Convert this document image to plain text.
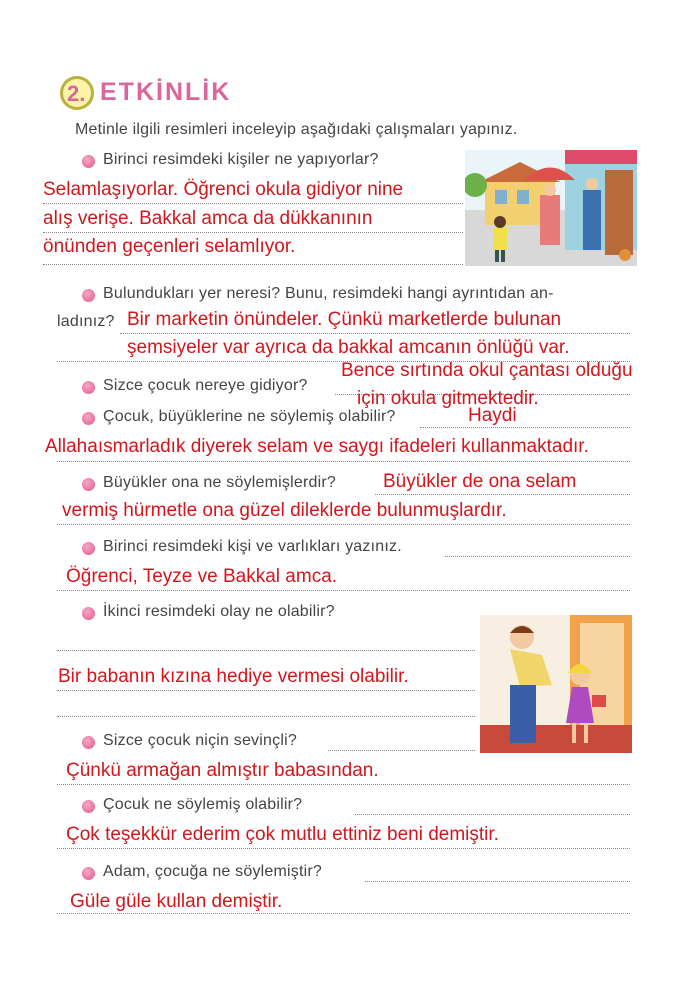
2. ETKİNLİK
Metinle ilgili resimleri inceleyip aşağıdaki çalışmaları yapınız.
Birinci resimdeki kişiler ne yapıyorlar?
Selamlaşıyorlar. Öğrenci okula gidiyor nine
alış verişe. Bakkal amca da dükkanının
önünden geçenleri selamlıyor.
Bulundukları yer neresi? Bunu, resimdeki hangi ayrıntıdan an-
ladınız? Bir marketin önündeler. Çünkü marketlerde bulunan
şemsiyeler var ayrıca da bakkal amcanın önlüğü var.
Sizce çocuk nereye gidiyor?
Bence sırtında okul çantası olduğu
için okula gitmektedir.
Çocuk, büyüklerine ne söylemiş olabilir?	Haydi
Allahaısmarladık diyerek selam ve saygı ifadeleri kullanmaktadır.
Büyükler ona ne söylemişlerdir? Büyükler de ona selam
vermiş hürmetle ona güzel dileklerde bulunmuşlardır.
Birinci resimdeki kişi ve varlıkları yazınız.
Öğrenci, Teyze ve Bakkal amca.
İkinci resimdeki olay ne olabilir?
Bir babanın kızına hediye vermesi olabilir.
Sizce çocuk niçin sevinçli?
Çünkü armağan almıştır babasından.
Çocuk ne söylemiş olabilir?
Çok teşekkür ederim çok mutlu ettiniz beni demiştir.
Adam, çocuğa ne söylemiştir?
Güle güle kullan demiştir.
